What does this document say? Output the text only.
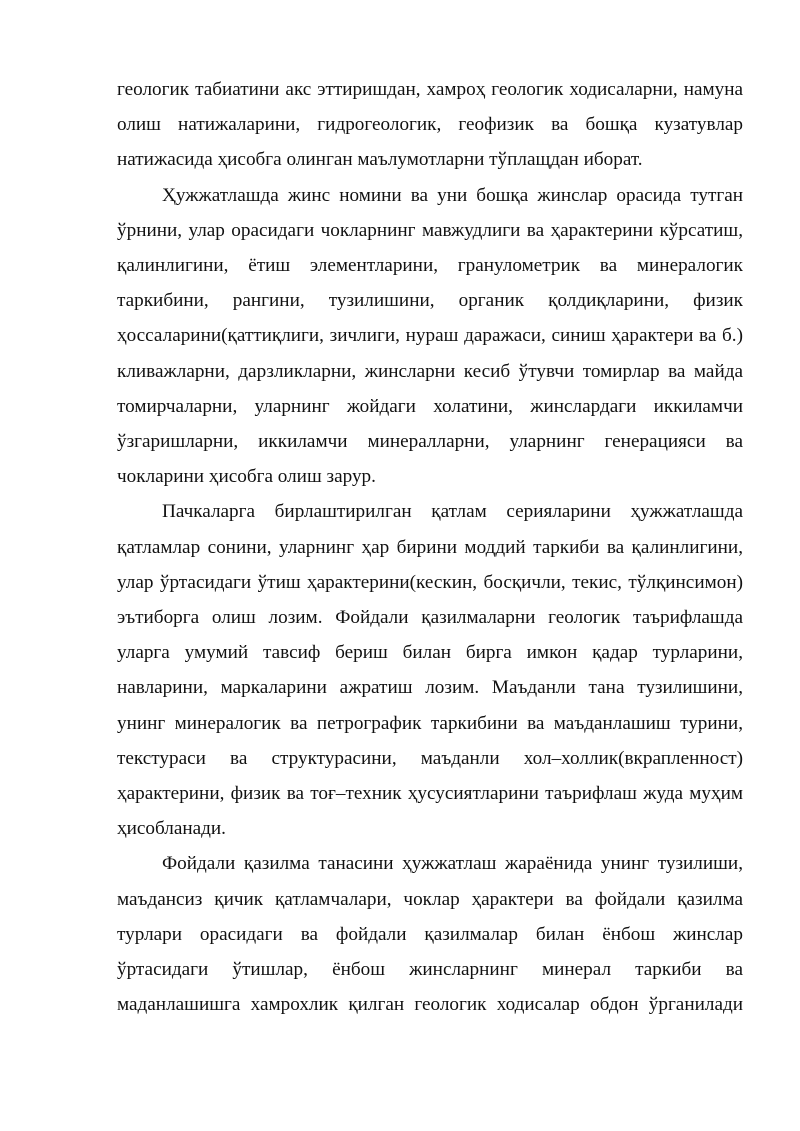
геологик табиатини акс эттиришдан, хамроҳ геологик ходисаларни, намуна олиш натижаларини, гидрогеологик, геофизик ва бошқа кузатувлар натижасида ҳисобга олинган маълумотларни тўплащдан иборат.

Ҳужжатлашда жинс номини ва уни бошқа жинслар орасида тутган ўрнини, улар орасидаги чокларнинг мавжудлиги ва ҳарактерини кўрсатиш, қалинлигини, ётиш элементларини, гранулометрик ва минералогик таркибини, рангини, тузилишини, органик қолдиқларини, физик ҳоссаларини(қаттиқлиги, зичлиги, нураш даражаси, синиш ҳарактери ва б.) кливажларни, дарзликларни, жинсларни кесиб ўтувчи томирлар ва майда томирчаларни, уларнинг жойдаги холатини, жинслардаги иккиламчи ўзгаришларни, иккиламчи минералларни, уларнинг генерацияси ва чокларини ҳисобга олиш зарур.

Пачкаларга бирлаштирилган қатлам серияларини ҳужжатлашда қатламлар сонини, уларнинг ҳар бирини моддий таркиби ва қалинлигини, улар ўртасидаги ўтиш ҳарактерини(кескин, босқичли, текис, тўлқинсимон) эътиборга олиш лозим. Фойдали қазилмаларни геологик таърифлашда уларга умумий тавсиф бериш билан бирга имкон қадар турларини, навларини, маркаларини ажратиш лозим. Маъданли тана тузилишини, унинг минералогик ва петрографик таркибини ва маъданлашиш турини, текстураси ва структурасини, маъданли хол–холлик(вкрапленност) ҳарактерини, физик ва тоғ–техник ҳусусиятларини таърифлаш жуда муҳим ҳисобланади.

Фойдали қазилма танасини ҳужжатлаш жараёнида унинг тузилиши, маъдансиз қичик қатламчалари, чоклар ҳарактери ва фойдали қазилма турлари орасидаги ва фойдали қазилмалар билан ёнбош жинслар ўртасидаги ўтишлар, ёнбош жинсларнинг минерал таркиби ва маданлашишга хамрохлик қилган геологик ходисалар обдон ўрганилади
